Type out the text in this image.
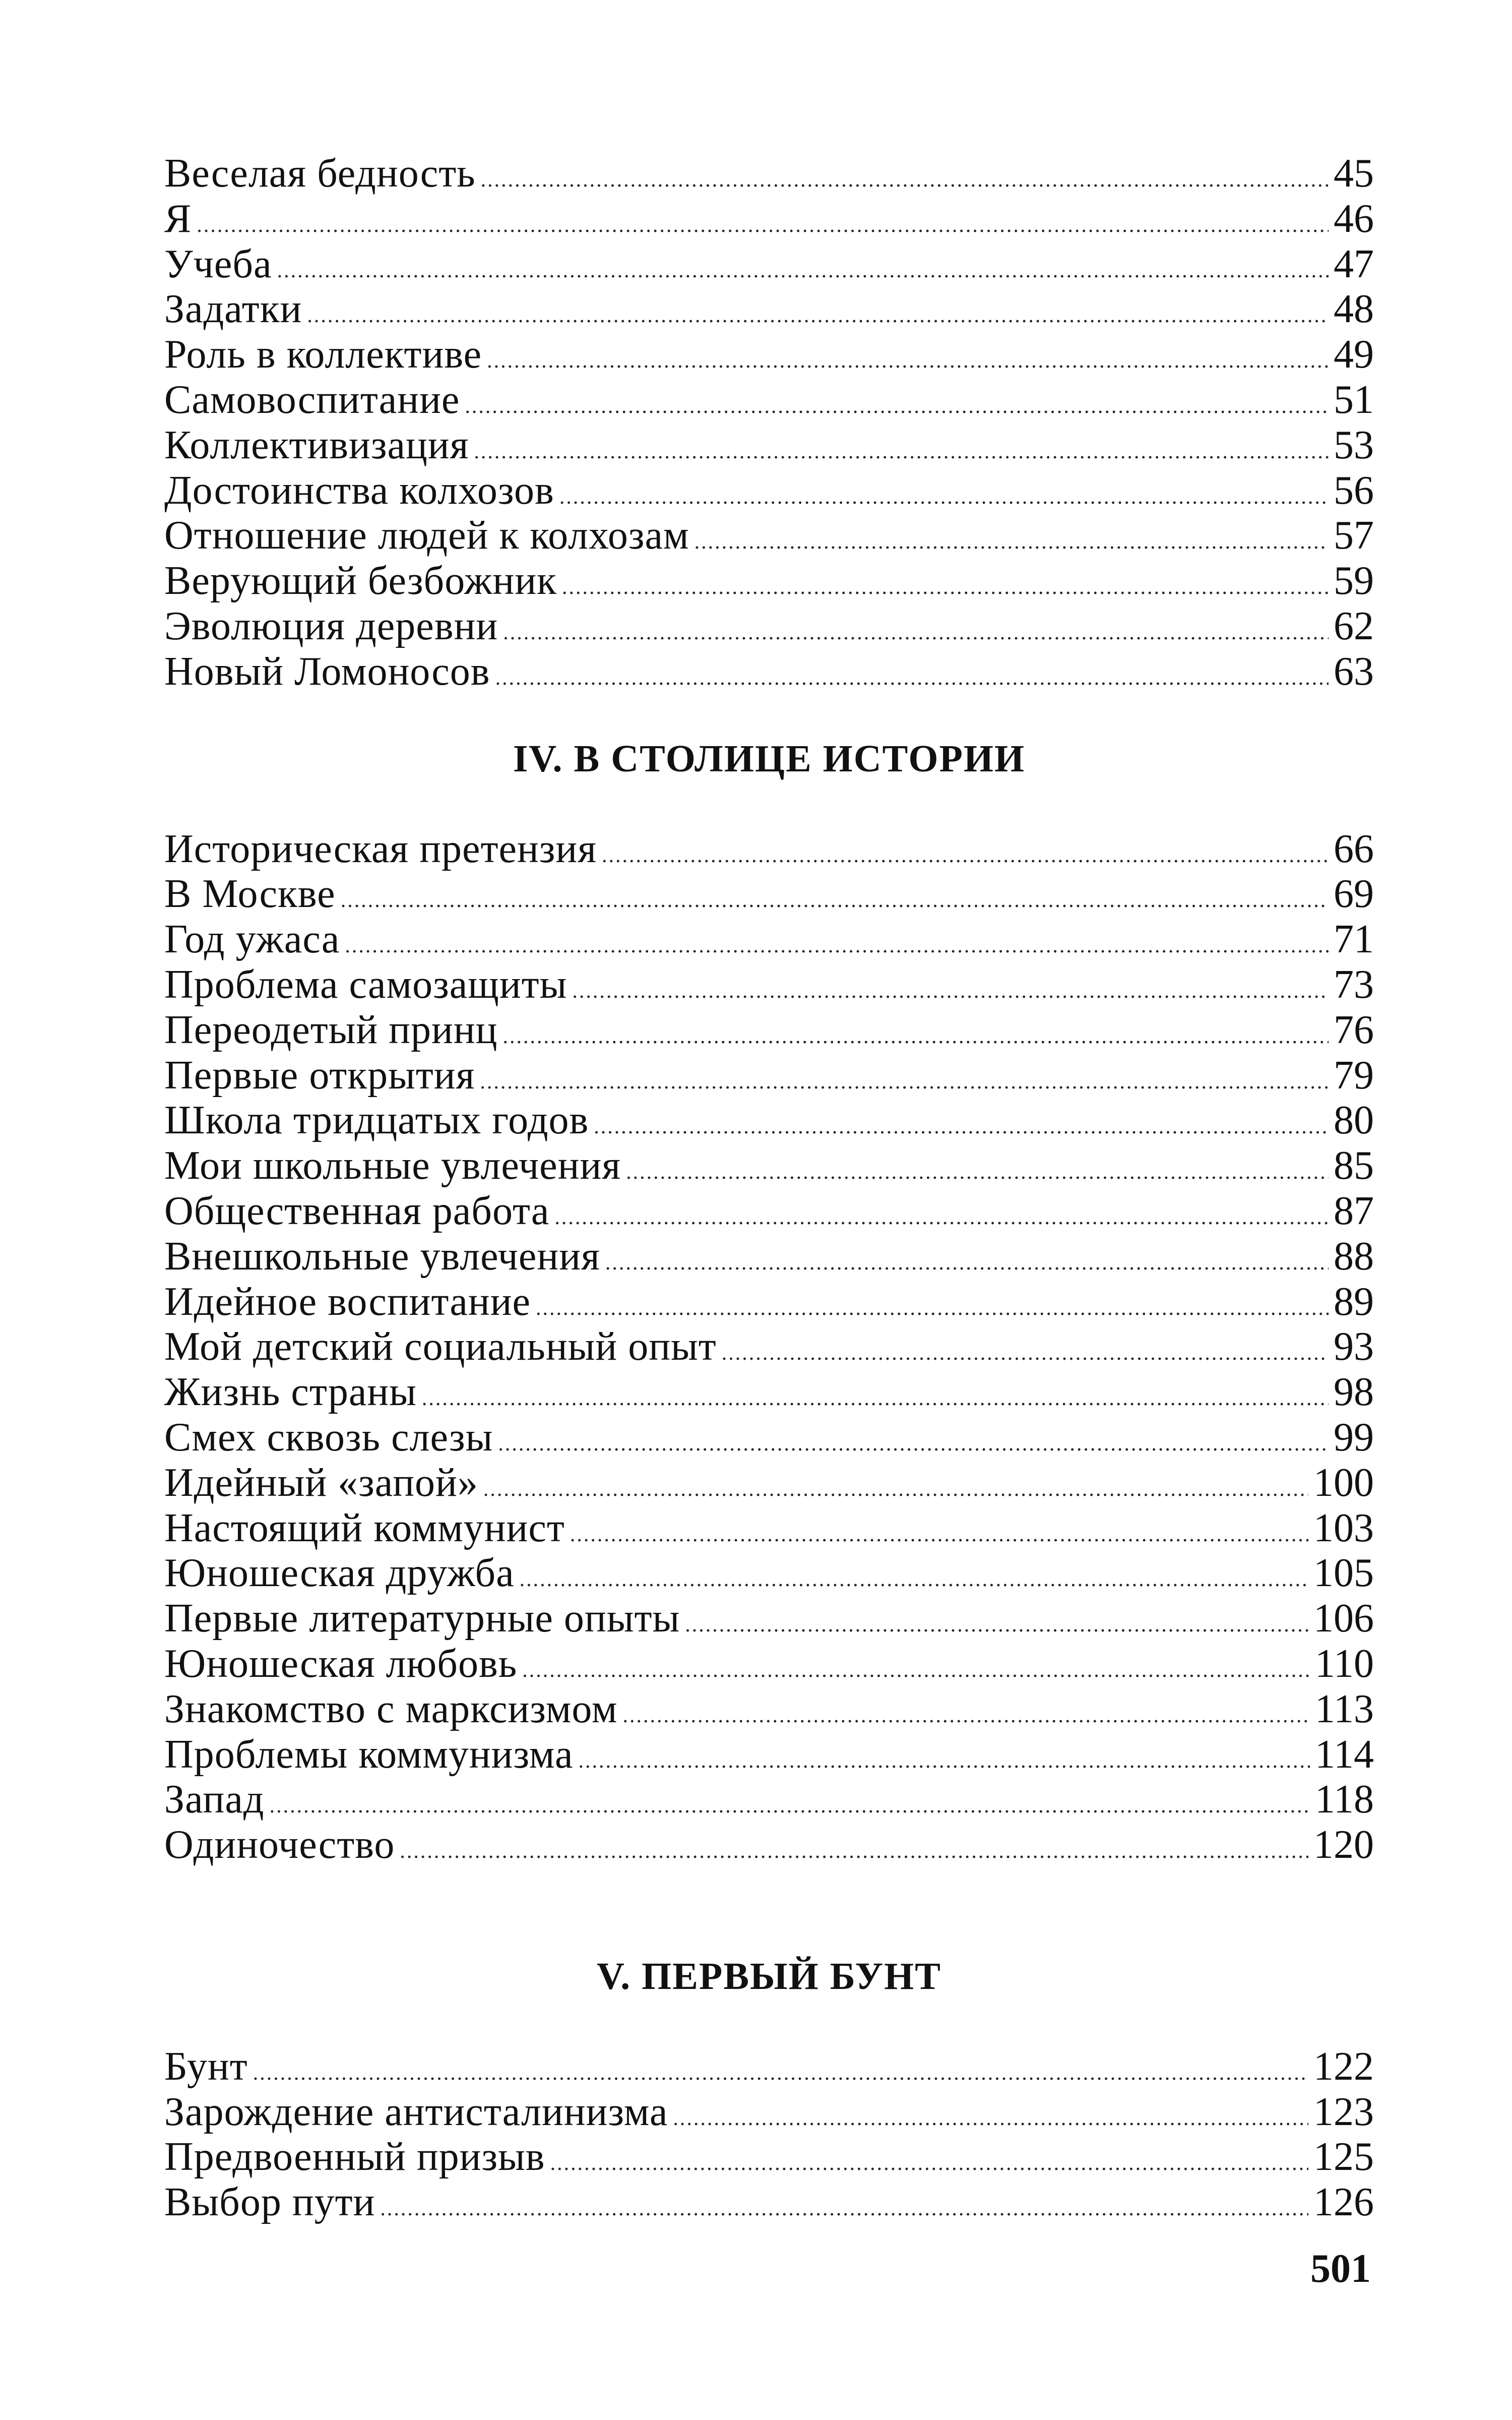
Веселая бедность .....	45
Я .....	46
Учеба .....	47
Задатки .....	48
Роль в коллективе .....	49
Самовоспитание .....	51
Коллективизация .....	53
Достоинства колхозов .....	56
Отношение людей к колхозам .....	57
Верующий безбожник .....	59
Эволюция деревни .....	62
Новый Ломоносов .....	63
IV. В СТОЛИЦЕ ИСТОРИИ
Историческая претензия .....	66
В Москве .....	69
Год ужаса .....	71
Проблема самозащиты .....	73
Переодетый принц .....	76
Первые открытия .....	79
Школа тридцатых годов .....	80
Мои школьные увлечения .....	85
Общественная работа .....	87
Внешкольные увлечения .....	88
Идейное воспитание .....	89
Мой детский социальный опыт .....	93
Жизнь страны .....	98
Смех сквозь слезы .....	99
Идейный «запой» .....	100
Настоящий коммунист .....	103
Юношеская дружба .....	105
Первые литературные опыты .....	106
Юношеская любовь .....	110
Знакомство с марксизмом .....	113
Проблемы коммунизма .....	114
Запад .....	118
Одиночество .....	120
V. ПЕРВЫЙ БУНТ
Бунт .....	122
Зарождение антисталинизма .....	123
Предвоенный призыв .....	125
Выбор пути .....	126
501
